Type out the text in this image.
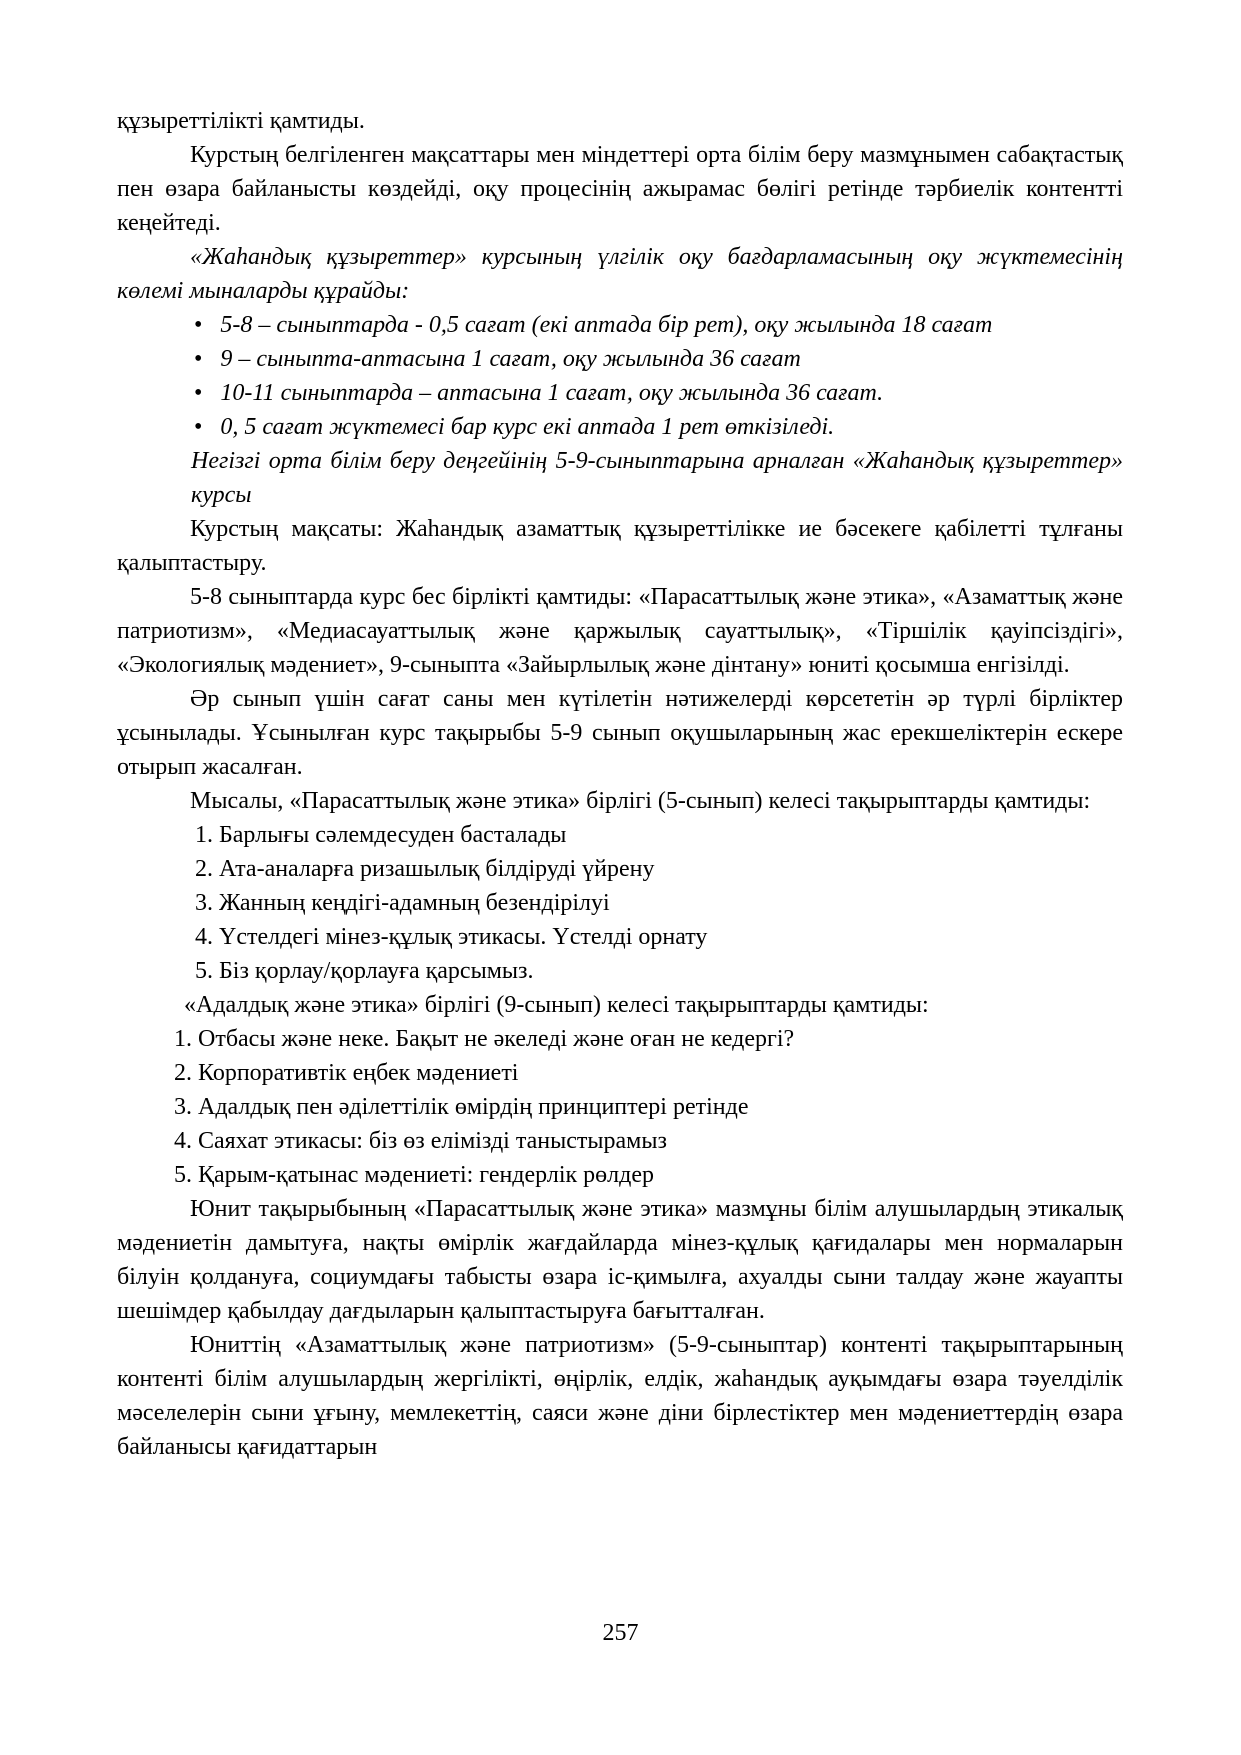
құзыреттілікті қамтиды.

Курстың белгіленген мақсаттары мен міндеттері орта білім беру мазмұнымен сабақтастық пен өзара байланысты көздейді, оқу процесінің ажырамас бөлігі ретінде тәрбиелік контентті кеңейтеді.

«Жаһандық құзыреттер» курсының үлгілік оқу бағдарламасының оқу жүктемесінің көлемі мыналарды құрайды:

• 5-8 – сыныптарда - 0,5 сағат (екі аптада бір рет), оқу жылында 18 сағат

• 9 – сыныпта-аптасына 1 сағат, оқу жылында 36 сағат

• 10-11 сыныптарда – аптасына 1 сағат, оқу жылында 36 сағат.

• 0, 5 сағат жүктемесі бар курс екі аптада 1 рет өткізіледі.

Негізгі орта білім беру деңгейінің 5-9-сыныптарына арналған «Жаһандық құзыреттер» курсы

Курстың мақсаты: Жаһандық азаматтық құзыреттілікке ие бәсекеге қабілетті тұлғаны қалыптастыру.

5-8 сыныптарда курс бес бірлікті қамтиды: «Парасаттылық және этика», «Азаматтық және патриотизм», «Медиасауаттылық және қаржылық сауаттылық», «Тіршілік қауіпсіздігі», «Экологиялық мәдениет», 9-сыныпта «Зайырлылық және дінтану» юниті қосымша енгізілді.

Әр сынып үшін сағат саны мен күтілетін нәтижелерді көрсететін әр түрлі бірліктер ұсынылады. Ұсынылған курс тақырыбы 5-9 сынып оқушыларының жас ерекшеліктерін ескере отырып жасалған.

Мысалы, «Парасаттылық және этика» бірлігі (5-сынып) келесі тақырыптарды қамтиды:

1. Барлығы сәлемдесуден басталады

2. Ата-аналарға ризашылық білдіруді үйрену

3. Жанның кеңдігі-адамның безендірілуі

4. Үстелдегі мінез-құлық этикасы. Үстелді орнату

5. Біз қорлау/қорлауға қарсымыз.

«Адалдық және этика» бірлігі (9-сынып) келесі тақырыптарды қамтиды:

1. Отбасы және неке. Бақыт не әкеледі және оған не кедергі?

2. Корпоративтік еңбек мәдениеті

3. Адалдық пен әділеттілік өмірдің принциптері ретінде

4. Саяхат этикасы: біз өз елімізді таныстырамыз

5. Қарым-қатынас мәдениеті: гендерлік рөлдер

Юнит тақырыбының «Парасаттылық және этика» мазмұны білім алушылардың этикалық мәдениетін дамытуға, нақты өмірлік жағдайларда мінез-құлық қағидалары мен нормаларын білуін қолдануға, социумдағы табысты өзара іс-қимылға, ахуалды сыни талдау және жауапты шешімдер қабылдау дағдыларын қалыптастыруға бағытталған.

Юниттің «Азаматтылық және патриотизм» (5-9-сыныптар) контенті тақырыптарының контенті білім алушылардың жергілікті, өңірлік, елдік, жаһандық ауқымдағы өзара тәуелділік мәселелерін сыни ұғыну, мемлекеттің, саяси және діни бірлестіктер мен мәдениеттердің өзара байланысы қағидаттарын

257
